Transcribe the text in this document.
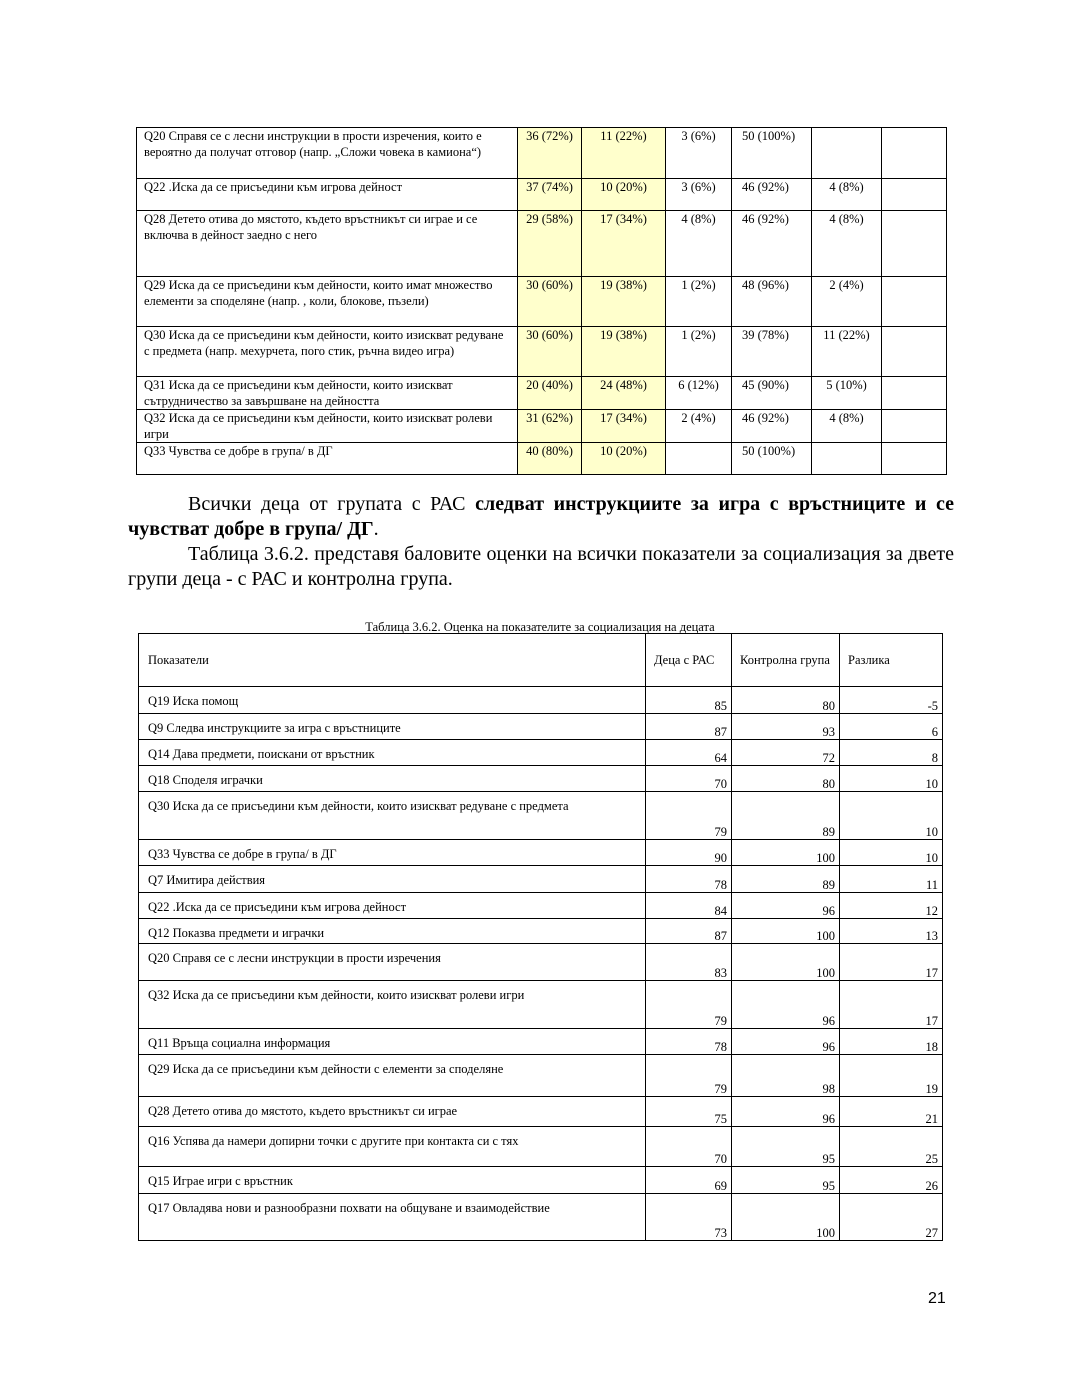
Q20 Справя се с лесни инструкции в прости изречения, които е вероятно да получат отговор (напр. „Сложи човека в камиона“)	36 (72%)	11 (22%)	3 (6%)	50 (100%)		
Q22 .Иска да се присъедини към игрова дейност	37 (74%)	10 (20%)	3 (6%)	46 (92%)	4 (8%)	
Q28 Детето отива до мястото, където връстникът си играе и се включва в дейност заедно с него	29 (58%)	17 (34%)	4 (8%)	46 (92%)	4 (8%)	
Q29 Иска да се присъедини към дейности, които имат множество елементи за споделяне (напр. , коли, блокове, пъзели)	30 (60%)	19 (38%)	1 (2%)	48 (96%)	2 (4%)	
Q30 Иска да се присъедини към дейности, които изискват редуване с предмета (напр. мехурчета, пого стик, ръчна видео игра)	30 (60%)	19 (38%)	1 (2%)	39 (78%)	11 (22%)	
Q31 Иска да се присъедини към дейности, които изискват сътрудничество за завършване на дейността	20 (40%)	24 (48%)	6 (12%)	45 (90%)	5 (10%)	
Q32 Иска да се присъедини към дейности, които изискват ролеви игри	31 (62%)	17 (34%)	2 (4%)	46 (92%)	4 (8%)	
Q33 Чувства се добре в група/ в ДГ	40 (80%)	10 (20%)		50 (100%)		

Всички деца от групата с РАС следват инструкциите за игра с връстниците и се чувстват добре в група/ ДГ.

Таблица 3.6.2. представя баловите оценки на всички показатели за социализация за двете групи деца - с РАС и контролна група.

Таблица 3.6.2. Оценка на показателите за социализация на децата
Показатели	Деца с РАС	Контролна група	Разлика
Q19 Иска помощ	85	80	-5
Q9 Следва инструкциите за игра с връстниците	87	93	6
Q14 Дава предмети, поискани от връстник	64	72	8
Q18 Споделя играчки	70	80	10
Q30 Иска да се присъедини към дейности, които изискват редуване с предмета	79	89	10
Q33 Чувства се добре в група/ в ДГ	90	100	10
Q7 Имитира действия	78	89	11
Q22 .Иска да се присъедини към игрова дейност	84	96	12
Q12 Показва предмети и играчки	87	100	13
Q20 Справя се с лесни инструкции в прости изречения	83	100	17
Q32 Иска да се присъедини към дейности, които изискват ролеви игри	79	96	17
Q11 Връща социална информация	78	96	18
Q29 Иска да се присъедини към дейности с елементи за споделяне	79	98	19
Q28 Детето отива до мястото, където връстникът си играе	75	96	21
Q16 Успява да намери допирни точки с другите при контакта си с тях	70	95	25
Q15 Играе игри с връстник	69	95	26
Q17 Овладява нови и разнообразни похвати на общуване и взаимодействие	73	100	27
21
